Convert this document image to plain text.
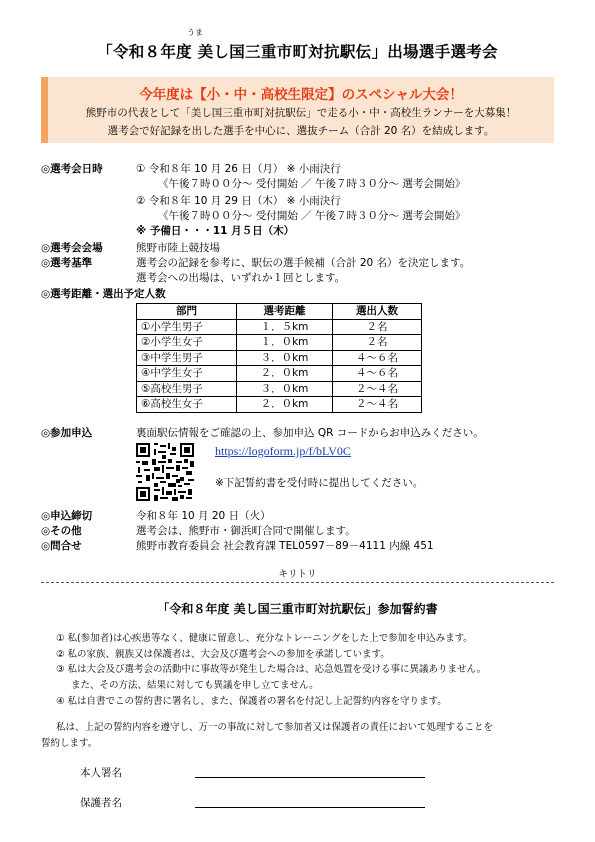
うま
「令和８年度 美し国三重市町対抗駅伝」出場選手選考会
今年度は【小・中・高校生限定】のスペシャル大会！
熊野市の代表として「美し国三重市町対抗駅伝」で走る小・中・高校生ランナーを大募集！
選考会で好記録を出した選手を中心に、選抜チーム（合計 20 名）を結成します。
◎選考会日時	① 令和８年 10 月 26 日（月） ※ 小雨決行
《午後７時００分～ 受付開始 ／ 午後７時３０分～ 選考会開始》
② 令和８年 10 月 29 日（木） ※ 小雨決行
《午後７時００分～ 受付開始 ／ 午後７時３０分～ 選考会開始》
※ 予備日・・・11 月５日（木）
◎選考会会場	熊野市陸上競技場
◎選考基準	選考会の記録を参考に、駅伝の選手候補（合計 20 名）を決定します。
選考会への出場は、いずれか１回とします。
◎選考距離・選出予定人数
部門	選考距離	選出人数
①小学生男子	１．５km	２名
②小学生女子	１．０km	２名
③中学生男子	３．０km	４～６名
④中学生女子	２．０km	４～６名
⑤高校生男子	３．０km	２～４名
⑥高校生女子	２．０km	２～４名
◎参加申込	裏面駅伝情報をご確認の上、参加申込 QR コードからお申込みください。
https://logoform.jp/f/bLV0C
※下記誓約書を受付時に提出してください。
◎申込締切	令和８年 10 月 20 日（火）
◎その他	選考会は、熊野市・御浜町合同で開催します。
◎問合せ	熊野市教育委員会 社会教育課 TEL0597－89－4111 内線 451
キリトリ
「令和８年度 美し国三重市町対抗駅伝」参加誓約書
① 私(参加者)は心疾患等なく、健康に留意し、充分なトレーニングをした上で参加を申込みます。
② 私の家族、親族又は保護者は、大会及び選考会への参加を承諾しています。
③ 私は大会及び選考会の活動中に事故等が発生した場合は、応急処置を受ける事に異議ありません。
また、その方法、結果に対しても異議を申し立てません。
④ 私は自書でこの誓約書に署名し、また、保護者の署名を付記し上記誓約内容を守ります。
私は、上記の誓約内容を遵守し、万一の事故に対して参加者又は保護者の責任において処理することを
誓約します。
本人署名
保護者名
